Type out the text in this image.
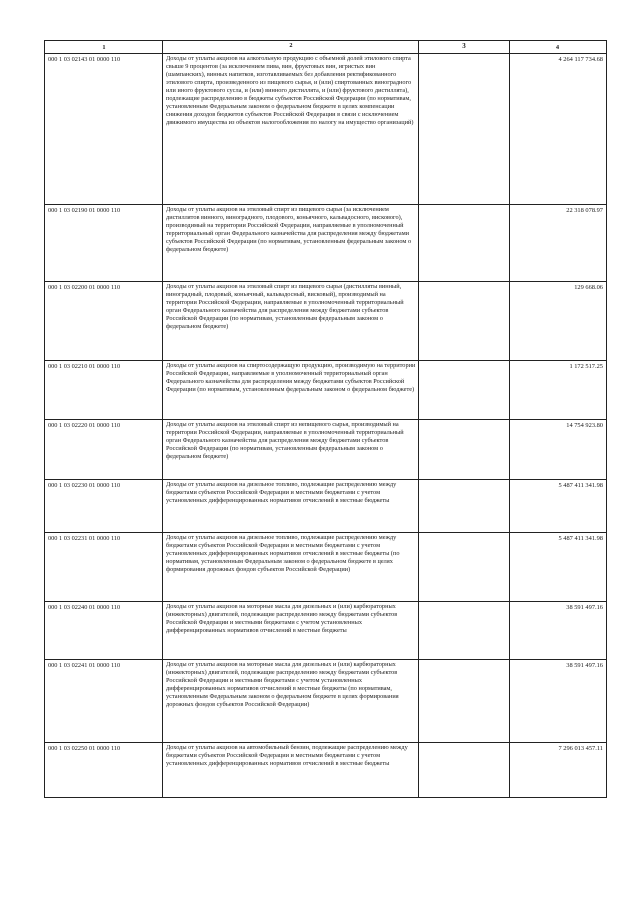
1	2	3	4
000 1 03 02143 01 0000 110	Доходы от уплаты акцизов на алкогольную продукцию с объемной долей этилового спирта свыше 9 процентов (за исключением пива, вин, фруктовых вин, игристых вин (шампанских), винных напитков, изготавливаемых без добавления ректификованного этилового спирта, произведенного из пищевого сырья, и (или) спиртованных виноградного или иного фруктового сусла, и (или) винного дистиллята, и (или) фруктового дистиллята), подлежащие распределению в бюджеты субъектов Российской Федерации (по нормативам, установленным Федеральным законом о федеральном бюджете в целях компенсации снижения доходов бюджетов субъектов Российской Федерации в связи с исключением движимого имущества из объектов налогообложения по налогу на имущество организаций)		4 264 117 734.68
000 1 03 02190 01 0000 110	Доходы от уплаты акцизов на этиловый спирт из пищевого сырья (за исключением дистиллятов винного, виноградного, плодового, коньячного, кальвадосного, вискового), производимый на территории Российской Федерации, направляемые в уполномоченный территориальный орган Федерального казначейства для распределения между бюджетами субъектов Российской Федерации (по нормативам, установленным федеральным законом о федеральном бюджете)		22 318 078.97
000 1 03 02200 01 0000 110	Доходы от уплаты акцизов на этиловый спирт из пищевого сырья (дистилляты винный, виноградный, плодовый, коньячный, кальвадосный, висковый), производимый на территории Российской Федерации, направляемые в уполномоченный территориальный орган Федерального казначейства для распределения между бюджетами субъектов Российской Федерации (по нормативам, установленным федеральным законом о федеральном бюджете)		129 668.06
000 1 03 02210 01 0000 110	Доходы от уплаты акцизов на спиртосодержащую продукцию, производимую на территории Российской Федерации, направляемые в уполномоченный территориальный орган Федерального казначейства для распределения между бюджетами субъектов Российской Федерации (по нормативам, установленным федеральным законом о федеральном бюджете)		1 172 517.25
000 1 03 02220 01 0000 110	Доходы от уплаты акцизов на этиловый спирт из непищевого сырья, производимый на территории Российской Федерации, направляемые в уполномоченный территориальный орган Федерального казначейства для распределения между бюджетами субъектов Российской Федерации (по нормативам, установленным федеральным законом о федеральном бюджете)		14 754 923.80
000 1 03 02230 01 0000 110	Доходы от уплаты акцизов на дизельное топливо, подлежащие распределению между бюджетами субъектов Российской Федерации и местными бюджетами с учетом установленных дифференцированных нормативов отчислений в местные бюджеты		5 487 411 341.98
000 1 03 02231 01 0000 110	Доходы от уплаты акцизов на дизельное топливо, подлежащие распределению между бюджетами субъектов Российской Федерации и местными бюджетами с учетом установленных дифференцированных нормативов отчислений в местные бюджеты (по нормативам, установленным Федеральным законом о федеральном бюджете в целях формирования дорожных фондов субъектов Российской Федерации)		5 487 411 341.98
000 1 03 02240 01 0000 110	Доходы от уплаты акцизов на моторные масла для дизельных и (или) карбюраторных (инжекторных) двигателей, подлежащие распределению между бюджетами субъектов Российской Федерации и местными бюджетами с учетом установленных дифференцированных нормативов отчислений в местные бюджеты		38 591 497.16
000 1 03 02241 01 0000 110	Доходы от уплаты акцизов на моторные масла для дизельных и (или) карбюраторных (инжекторных) двигателей, подлежащие распределению между бюджетами субъектов Российской Федерации и местными бюджетами с учетом установленных дифференцированных нормативов отчислений в местные бюджеты (по нормативам, установленным Федеральным законом о федеральном бюджете в целях формирования дорожных фондов субъектов Российской Федерации)		38 591 497.16
000 1 03 02250 01 0000 110	Доходы от уплаты акцизов на автомобильный бензин, подлежащие распределению между бюджетами субъектов Российской Федерации и местными бюджетами с учетом установленных дифференцированных нормативов отчислений в местные бюджеты		7 296 013 457.11
